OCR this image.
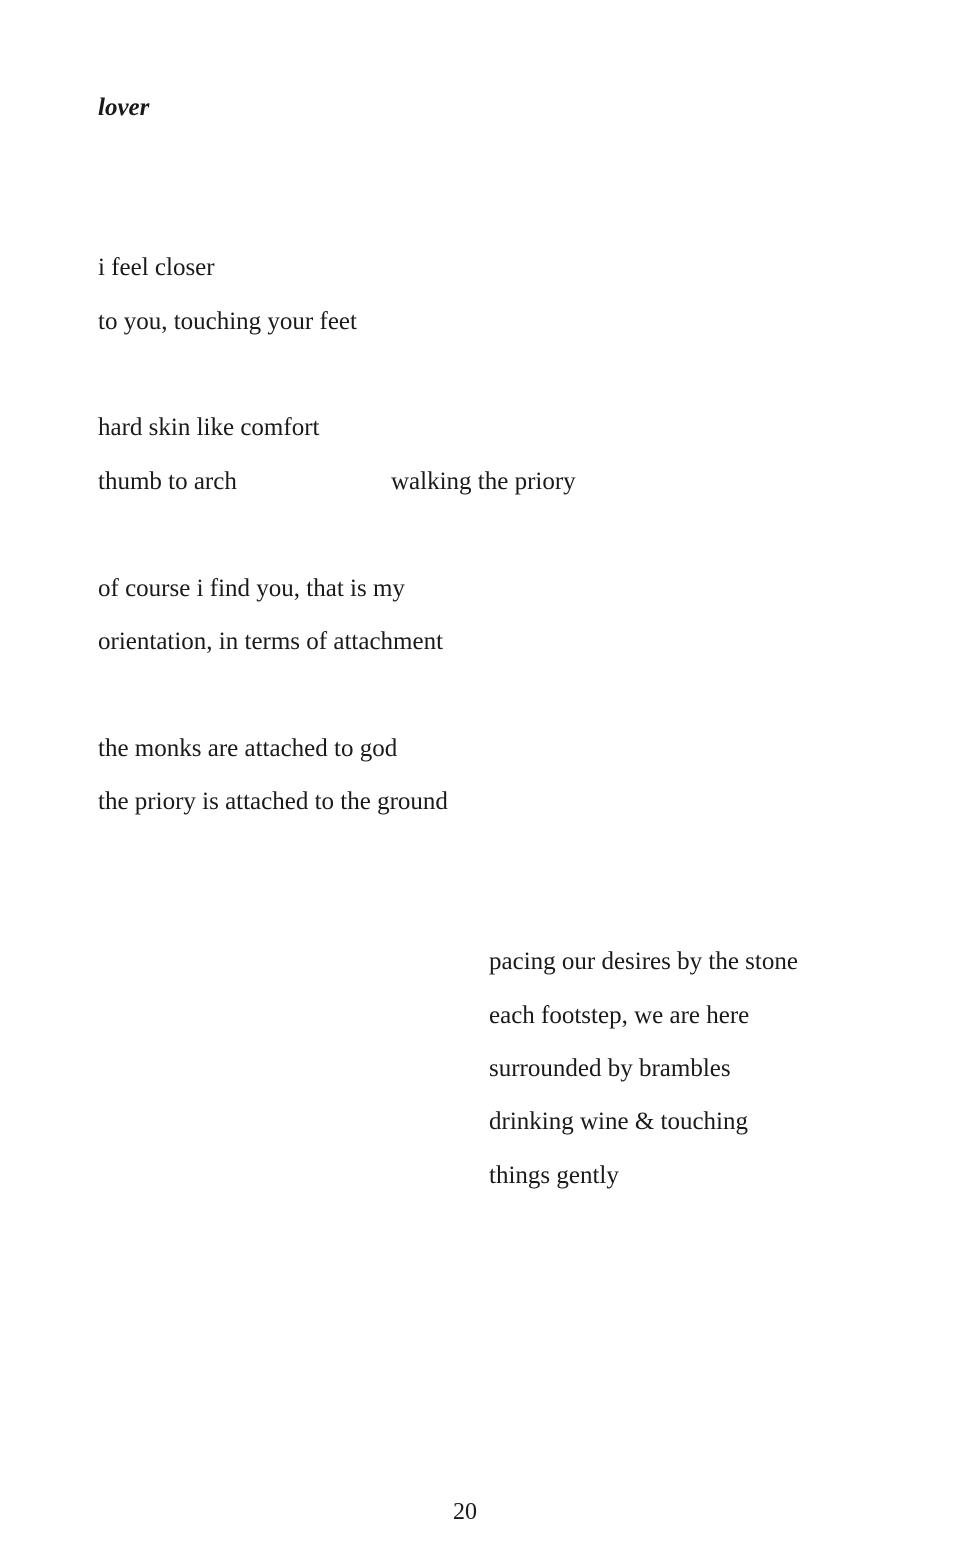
lover

i feel closer

to you, touching your feet

hard skin like comfort

thumb to arch	walking the priory

of course i find you, that is my

orientation, in terms of attachment

the monks are attached to god

the priory is attached to the ground

pacing our desires by the stone

each footstep, we are here

surrounded by brambles

drinking wine & touching

things gently

20
